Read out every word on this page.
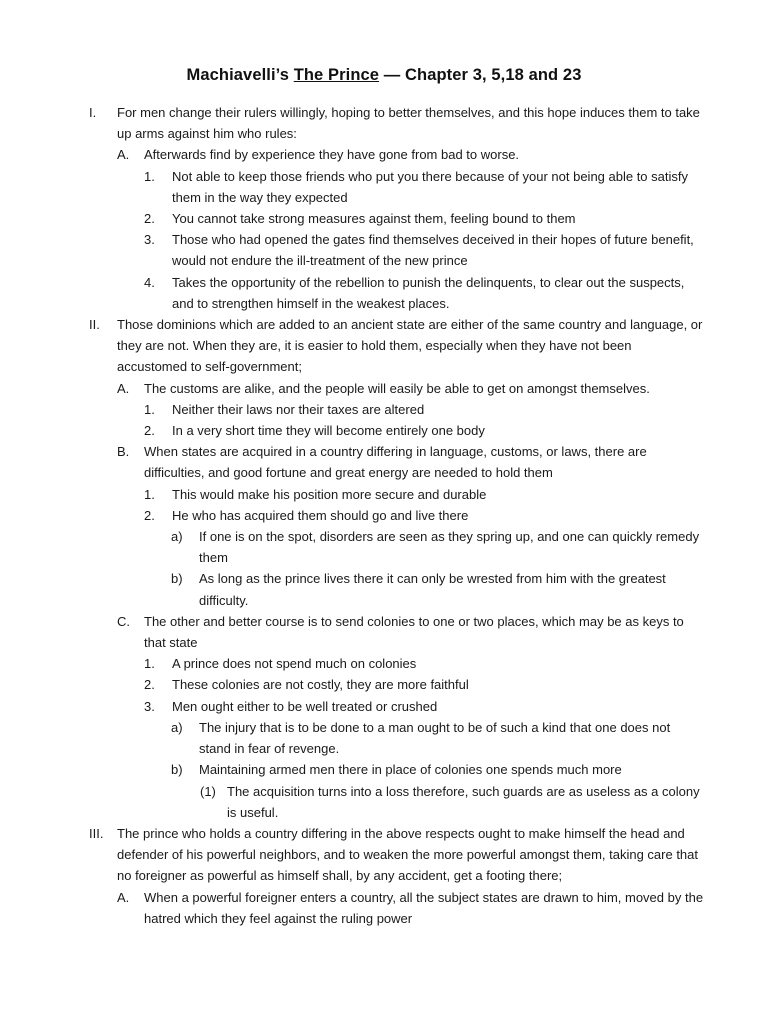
Machiavelli’s The Prince — Chapter 3, 5,18 and 23
I. For men change their rulers willingly, hoping to better themselves, and this hope induces them to take up arms against him who rules:
A. Afterwards find by experience they have gone from bad to worse.
1. Not able to keep those friends who put you there because of your not being able to satisfy them in the way they expected
2. You cannot take strong measures against them, feeling bound to them
3. Those who had opened the gates find themselves deceived in their hopes of future benefit, would not endure the ill-treatment of the new prince
4. Takes the opportunity of the rebellion to punish the delinquents, to clear out the suspects, and to strengthen himself in the weakest places.
II. Those dominions which are added to an ancient state are either of the same country and language, or they are not. When they are, it is easier to hold them, especially when they have not been accustomed to self-government;
A. The customs are alike, and the people will easily be able to get on amongst themselves.
1. Neither their laws nor their taxes are altered
2. In a very short time they will become entirely one body
B. When states are acquired in a country differing in language, customs, or laws, there are difficulties, and good fortune and great energy are needed to hold them
1. This would make his position more secure and durable
2. He who has acquired them should go and live there
a) If one is on the spot, disorders are seen as they spring up, and one can quickly remedy them
b) As long as the prince lives there it can only be wrested from him with the greatest difficulty.
C. The other and better course is to send colonies to one or two places, which may be as keys to that state
1. A prince does not spend much on colonies
2. These colonies are not costly, they are more faithful
3. Men ought either to be well treated or crushed
a) The injury that is to be done to a man ought to be of such a kind that one does not stand in fear of revenge.
b) Maintaining armed men there in place of colonies one spends much more
(1) The acquisition turns into a loss therefore, such guards are as useless as a colony is useful.
III. The prince who holds a country differing in the above respects ought to make himself the head and defender of his powerful neighbors, and to weaken the more powerful amongst them, taking care that no foreigner as powerful as himself shall, by any accident, get a footing there;
A. When a powerful foreigner enters a country, all the subject states are drawn to him, moved by the hatred which they feel against the ruling power
